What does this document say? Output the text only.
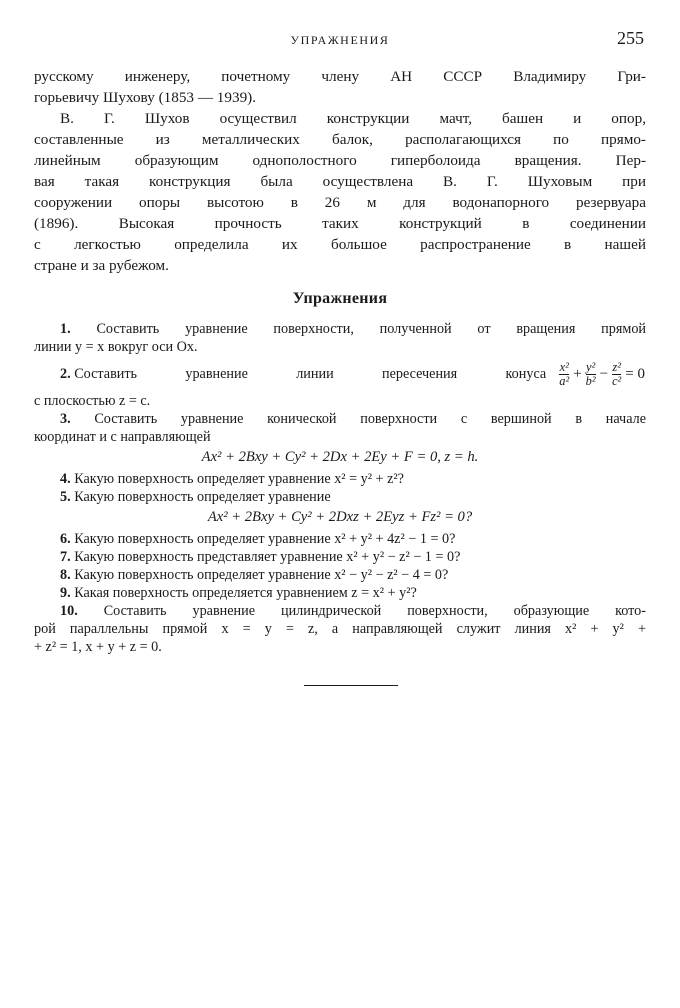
УПРАЖНЕНИЯ	255
русскому инженеру, почетному члену АН СССР Владимиру Гри-
горьевичу Шухову (1853 — 1939).
В. Г. Шухов осуществил конструкции мачт, башен и опор,
составленные из металлических балок, располагающихся по прямо-
линейным образующим однополостного гиперболоида вращения. Пер-
вая такая конструкция была осуществлена В. Г. Шуховым при
сооружении опоры высотою в 26 м для водонапорного резервуара
(1896). Высокая прочность таких конструкций в соединении
с легкостью определила их большое распространение в нашей
стране и за рубежом.
Упражнения
1. Составить уравнение поверхности, полученной от вращения прямой
линии y = x вокруг оси Ox.
2. Составить	уравнение	линии	пересечения	конуса $\frac{\text{x²}}{\text{a²}} + \frac{\text{y²}}{\text{b²}} - \frac{\text{z²}}{\text{c²}} = 0$
с плоскостью z = c.
3. Составить уравнение конической поверхности с вершиной в начале
координат и с направляющей
Ax² + 2Bxy + Cy² + 2Dx + 2Ey + F = 0, z = h.
4. Какую поверхность определяет уравнение x² = y² + z²?
5. Какую поверхность определяет уравнение
Ax² + 2Bxy + Cy² + 2Dxz + 2Eyz + Fz² = 0?
6. Какую поверхность определяет уравнение x² + y² + 4z² − 1 = 0?
7. Какую поверхность представляет уравнение x² + y² − z² − 1 = 0?
8. Какую поверхность определяет уравнение x² − y² − z² − 4 = 0?
9. Какая поверхность определяется уравнением z = x² + y²?
10. Составить уравнение цилиндрической поверхности, образующие кото-
рой параллельны прямой x = y = z, а направляющей служит линия x² + y² +
+ z² = 1, x + y + z = 0.
